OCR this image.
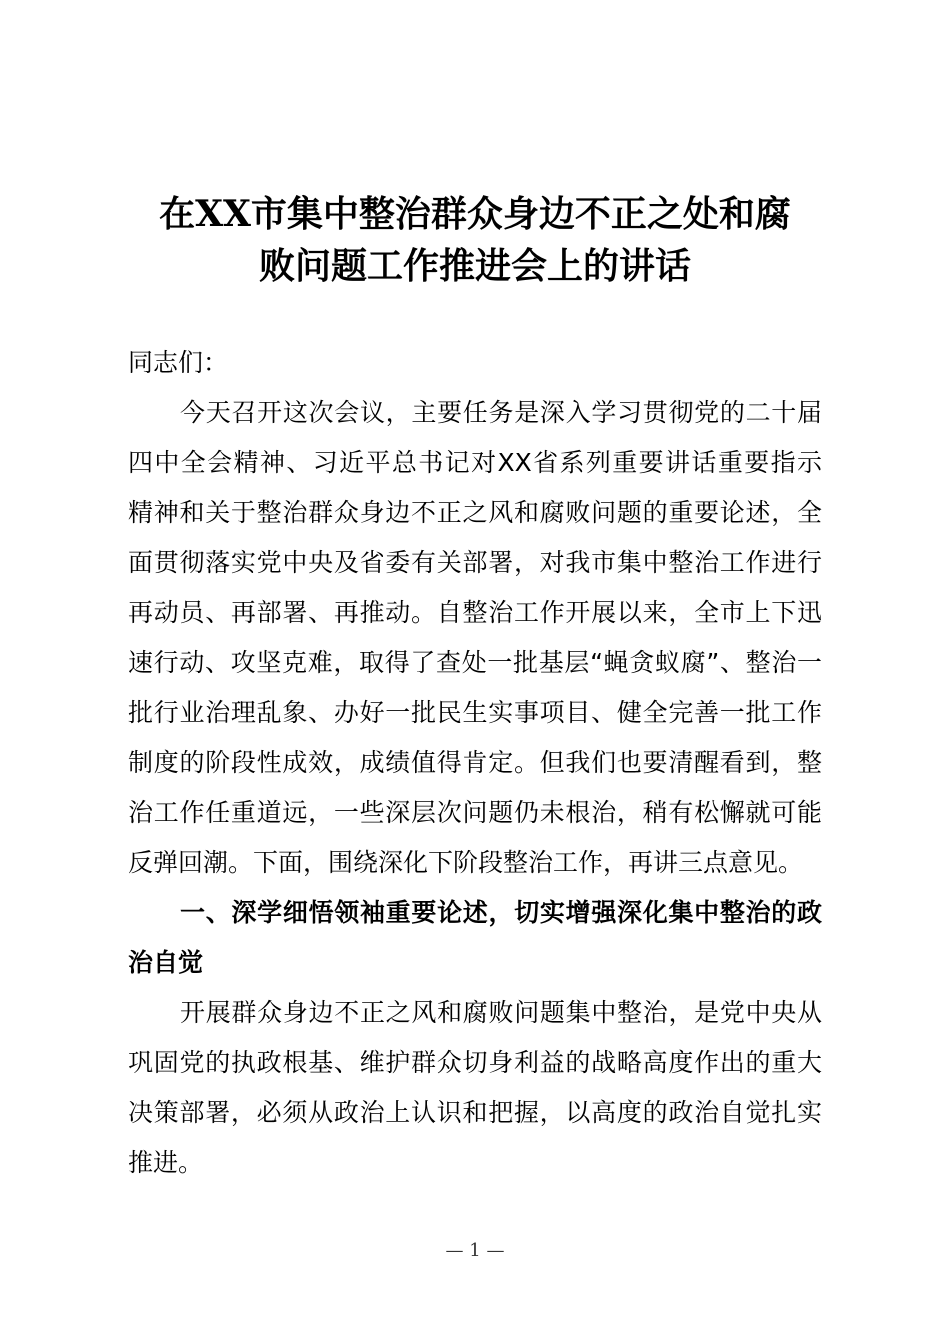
在XX市集中整治群众身边不正之处和腐
败问题工作推进会上的讲话
同志们：
今天召开这次会议，主要任务是深入学习贯彻党的二十届
四中全会精神、习近平总书记对XX省系列重要讲话重要指示
精神和关于整治群众身边不正之风和腐败问题的重要论述，全
面贯彻落实党中央及省委有关部署，对我市集中整治工作进行
再动员、再部署、再推动。自整治工作开展以来，全市上下迅
速行动、攻坚克难，取得了查处一批基层“蝇贪蚁腐”、整治一
批行业治理乱象、办好一批民生实事项目、健全完善一批工作
制度的阶段性成效，成绩值得肯定。但我们也要清醒看到，整
治工作任重道远，一些深层次问题仍未根治，稍有松懈就可能
反弹回潮。下面，围绕深化下阶段整治工作，再讲三点意见。
一、深学细悟领袖重要论述，切实增强深化集中整治的政
治自觉
开展群众身边不正之风和腐败问题集中整治，是党中央从
巩固党的执政根基、维护群众切身利益的战略高度作出的重大
决策部署，必须从政治上认识和把握，以高度的政治自觉扎实
推进。
— 1 —
